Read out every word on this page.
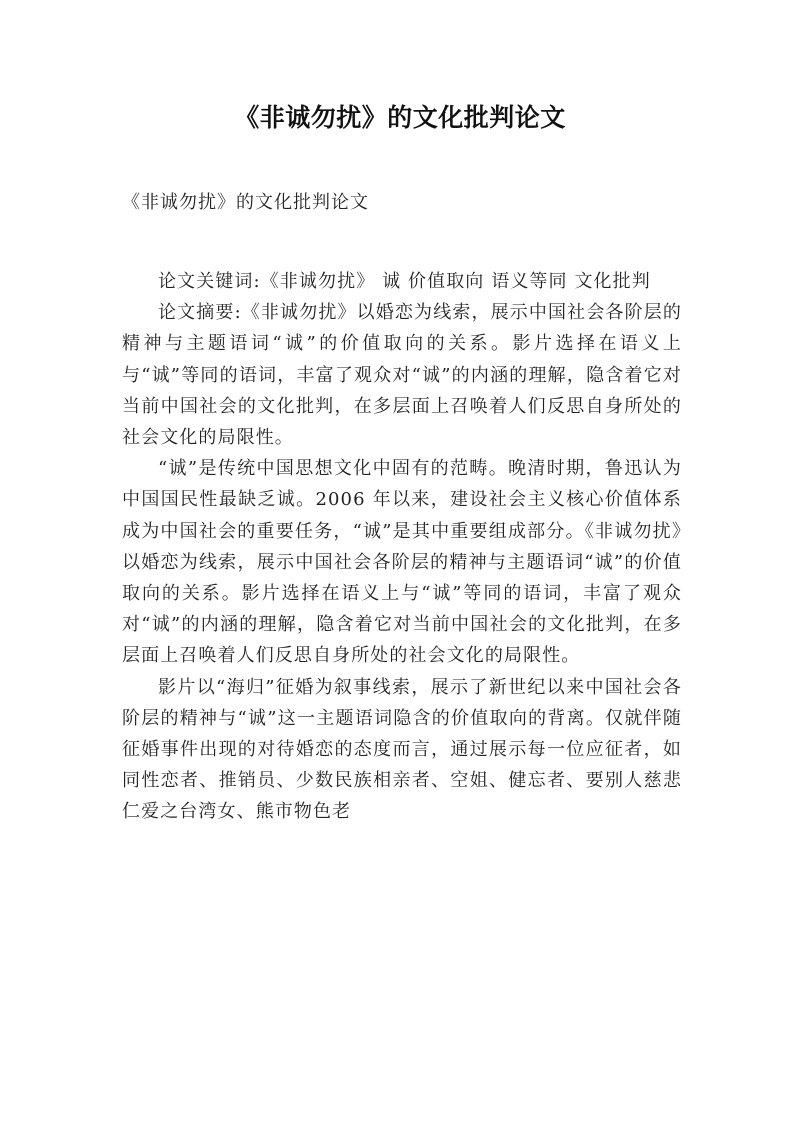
《非诚勿扰》的文化批判论文
《非诚勿扰》的文化批判论文

论文关键词:《非诚勿扰》 诚 价值取向 语义等同 文化批判

论文摘要:《非诚勿扰》以婚恋为线索，展示中国社会各阶层的精神与主题语词“诚”的价值取向的关系。影片选择在语义上与“诚”等同的语词，丰富了观众对“诚”的内涵的理解，隐含着它对当前中国社会的文化批判，在多层面上召唤着人们反思自身所处的社会文化的局限性。

“诚”是传统中国思想文化中固有的范畴。晚清时期，鲁迅认为中国国民性最缺乏诚。2006 年以来，建设社会主义核心价值体系成为中国社会的重要任务，“诚”是其中重要组成部分。《非诚勿扰》以婚恋为线索，展示中国社会各阶层的精神与主题语词“诚”的价值取向的关系。影片选择在语义上与“诚”等同的语词，丰富了观众对“诚”的内涵的理解，隐含着它对当前中国社会的文化批判，在多层面上召唤着人们反思自身所处的社会文化的局限性。

影片以“海归”征婚为叙事线索，展示了新世纪以来中国社会各阶层的精神与“诚”这一主题语词隐含的价值取向的背离。仅就伴随征婚事件出现的对待婚恋的态度而言，通过展示每一位应征者，如同性恋者、推销员、少数民族相亲者、空姐、健忘者、要别人慈悲仁爱之台湾女、熊市物色老
